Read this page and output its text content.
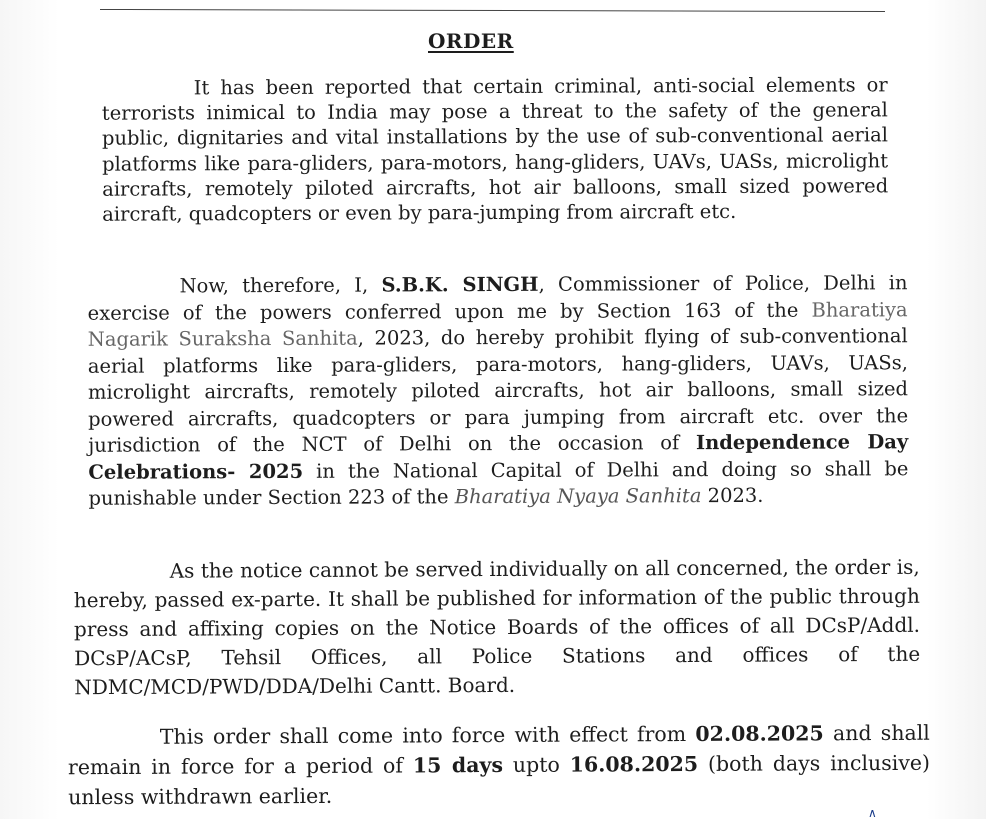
ORDER

It has been reported that certain criminal, anti-social elements or terrorists inimical to India may pose a threat to the safety of the general public, dignitaries and vital installations by the use of sub-conventional aerial platforms like para-gliders, para-motors, hang-gliders, UAVs, UASs, microlight aircrafts, remotely piloted aircrafts, hot air balloons, small sized powered aircraft, quadcopters or even by para-jumping from aircraft etc.

Now, therefore, I, S.B.K. SINGH, Commissioner of Police, Delhi in exercise of the powers conferred upon me by Section 163 of the Bharatiya Nagarik Suraksha Sanhita, 2023, do hereby prohibit flying of sub-conventional aerial platforms like para-gliders, para-motors, hang-gliders, UAVs, UASs, microlight aircrafts, remotely piloted aircrafts, hot air balloons, small sized powered aircrafts, quadcopters or para jumping from aircraft etc. over the jurisdiction of the NCT of Delhi on the occasion of Independence Day Celebrations- 2025 in the National Capital of Delhi and doing so shall be punishable under Section 223 of the Bharatiya Nyaya Sanhita 2023.

As the notice cannot be served individually on all concerned, the order is, hereby, passed ex-parte. It shall be published for information of the public through press and affixing copies on the Notice Boards of the offices of all DCsP/Addl. DCsP/ACsP, Tehsil Offices, all Police Stations and offices of the NDMC/MCD/PWD/DDA/Delhi Cantt. Board.

This order shall come into force with effect from 02.08.2025 and shall remain in force for a period of 15 days upto 16.08.2025 (both days inclusive) unless withdrawn earlier.

∧
